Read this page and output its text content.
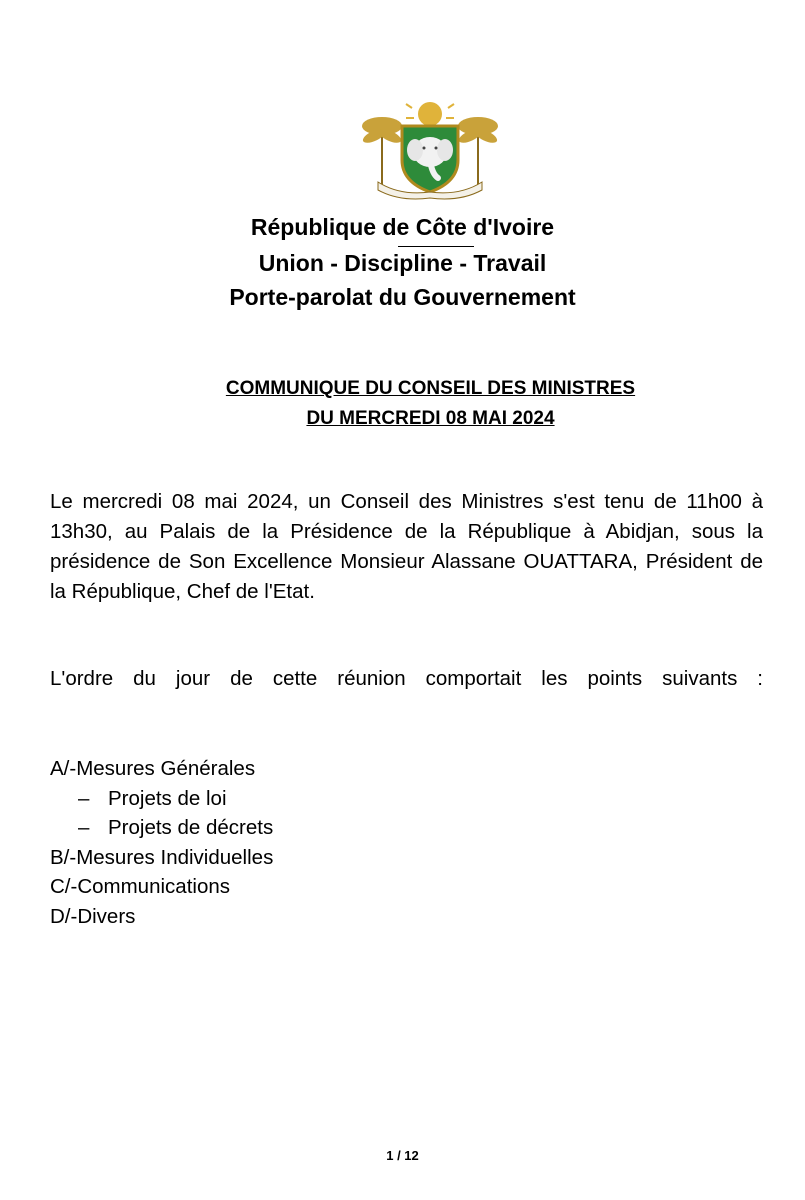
République de Côte d'Ivoire
Union - Discipline - Travail
Porte-parolat du Gouvernement
COMMUNIQUE DU CONSEIL DES MINISTRES
DU MERCREDI 08 MAI 2024
Le mercredi 08 mai 2024, un Conseil des Ministres s'est tenu de 11h00 à 13h30, au Palais de la Présidence de la République à Abidjan, sous la présidence de Son Excellence Monsieur Alassane OUATTARA, Président de la République, Chef de l'Etat.
L'ordre du jour de cette réunion comportait les points suivants :
A/-Mesures Générales
– Projets de loi
– Projets de décrets
B/-Mesures Individuelles
C/-Communications
D/-Divers
1 / 12
